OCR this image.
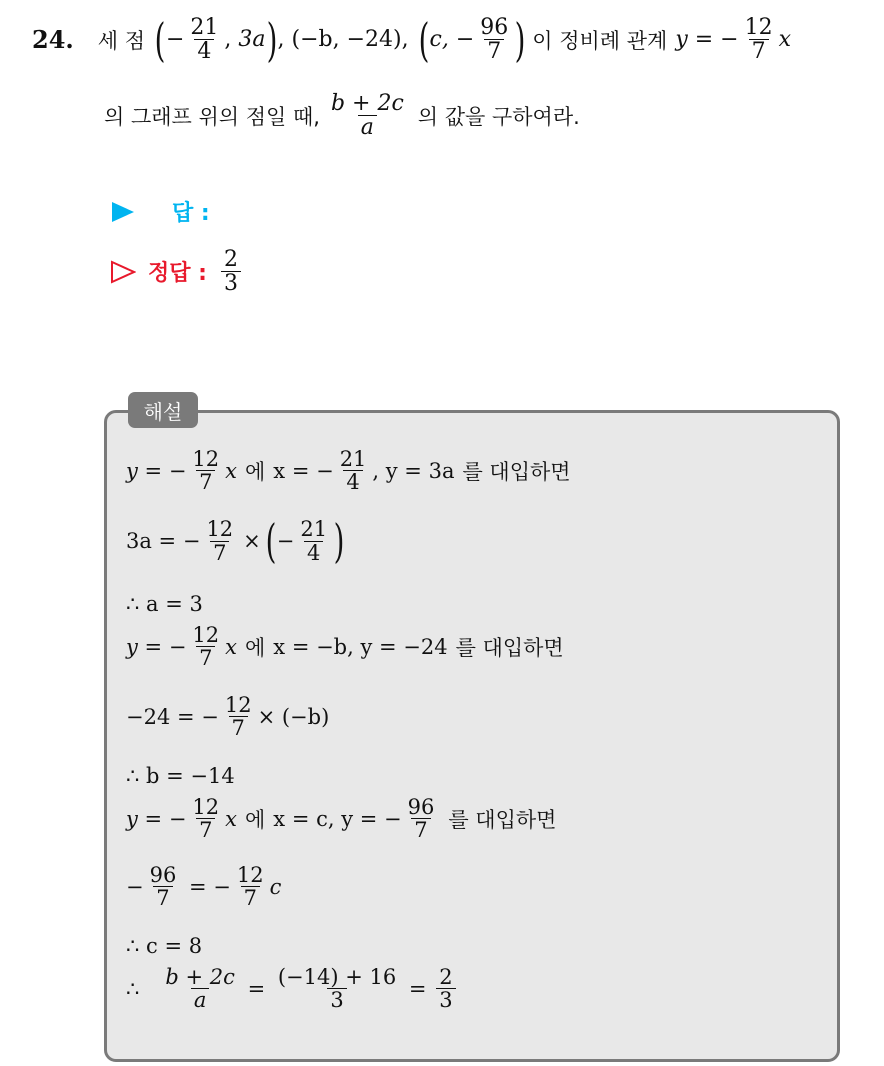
24. 세 점 ( − $\frac{21}{4}$ , 3a ) , (−b, −24), ( c, − $\frac{96}{7}$ ) 이 정비례 관계 y = − $\frac{12}{7}$ x
의 그래프 위의 점일 때, $\frac{b + 2c}{a}$ 의 값을 구하여라.
답 :
정답 : $\frac{2}{3}$
해설
y = − $\frac{12}{7}$ x 에 x = − $\frac{21}{4}$ , y = 3a 를 대입하면
3a = − $\frac{12}{7}$ × ( − $\frac{21}{4}$ )
∴ a = 3
y = − $\frac{12}{7}$ x 에 x = −b, y = −24 를 대입하면
−24 = − $\frac{12}{7} \times (-b)$
∴ b = −14
y = − $\frac{12}{7}$ x 에 x = c, y = − $\frac{96}{7}$ 를 대입하면
− $\frac{96}{7}$ = − $\frac{12}{7}$ c
∴ c = 8
∴ $\frac{b + 2c}{a} = \frac{(-14) + 16}{3} = \frac{2}{3}$
